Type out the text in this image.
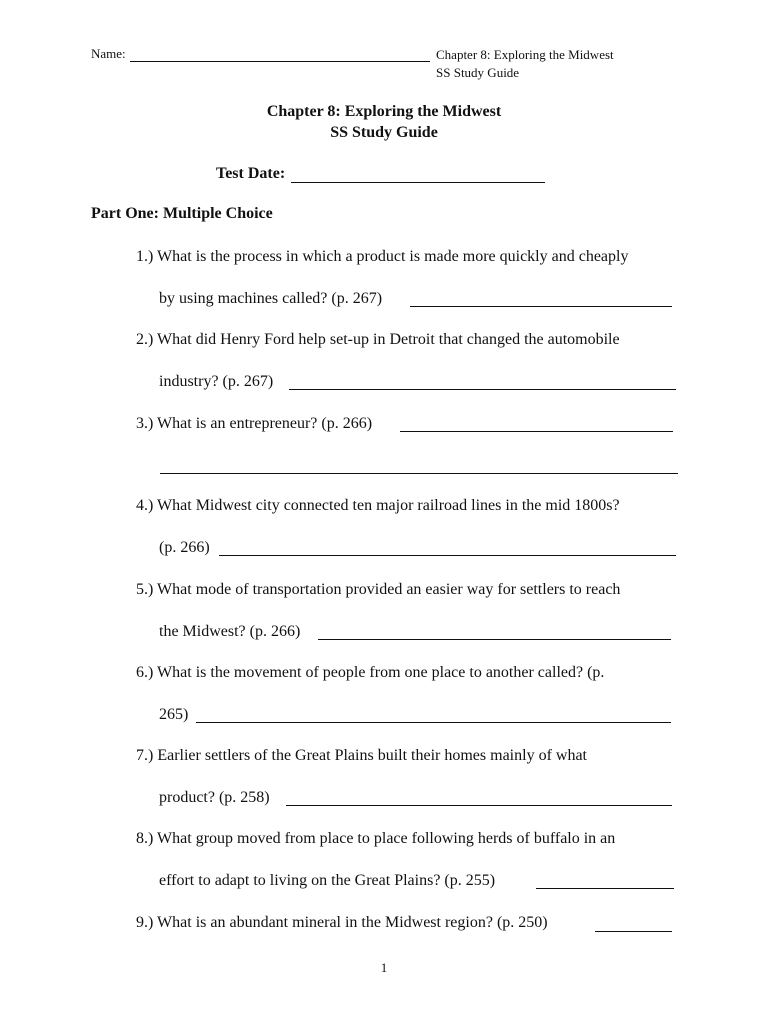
Name:	Chapter 8: Exploring the Midwest
SS Study Guide
Chapter 8: Exploring the Midwest
SS Study Guide
Test Date:
Part One: Multiple Choice
1.) What is the process in which a product is made more quickly and cheaply
by using machines called? (p. 267)
2.) What did Henry Ford help set-up in Detroit that changed the automobile
industry? (p. 267)
3.) What is an entrepreneur? (p. 266)
4.) What Midwest city connected ten major railroad lines in the mid 1800s?
(p. 266)
5.) What mode of transportation provided an easier way for settlers to reach
the Midwest? (p. 266)
6.) What is the movement of people from one place to another called? (p.
265)
7.) Earlier settlers of the Great Plains built their homes mainly of what
product? (p. 258)
8.) What group moved from place to place following herds of buffalo in an
effort to adapt to living on the Great Plains? (p. 255)
9.) What is an abundant mineral in the Midwest region? (p. 250)
1
